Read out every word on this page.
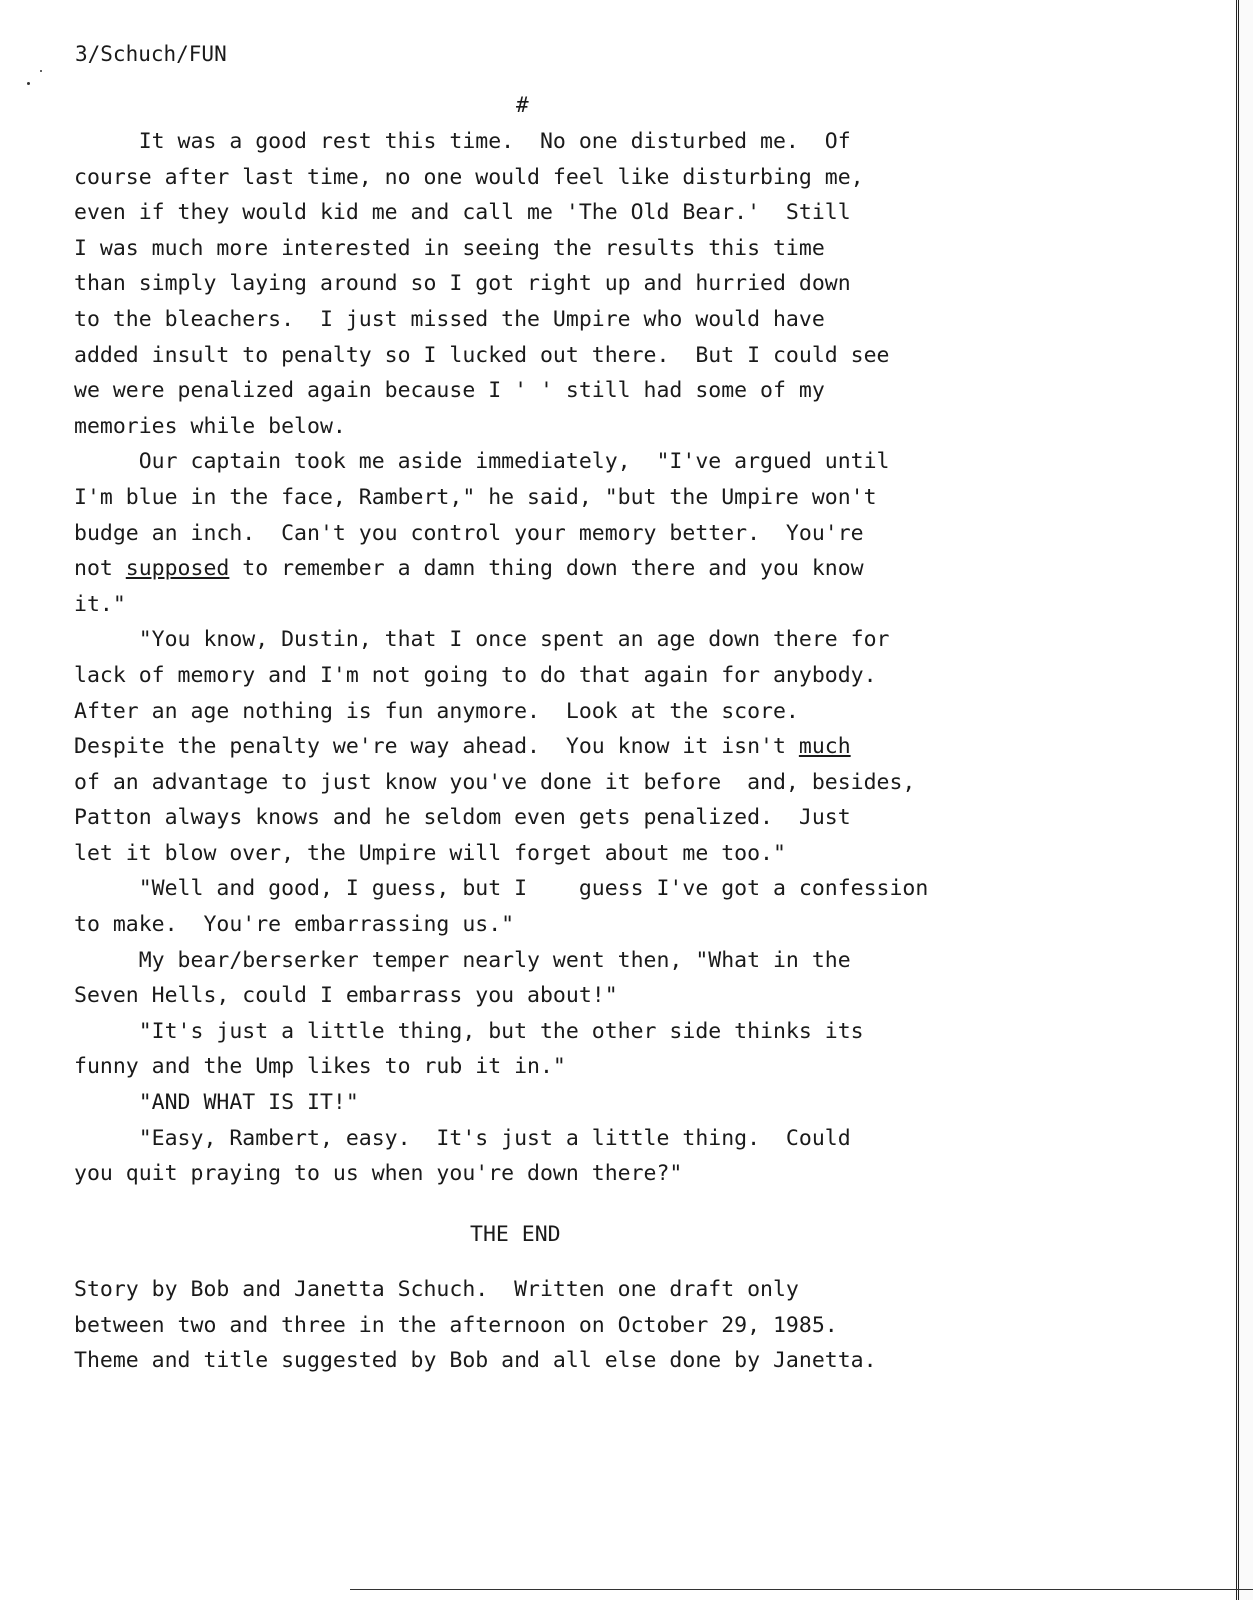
3/Schuch/FUN
#
It was a good rest this time.  No one disturbed me.  Of
course after last time, no one would feel like disturbing me,
even if they would kid me and call me 'The Old Bear.'  Still
I was much more interested in seeing the results this time
than simply laying around so I got right up and hurried down
to the bleachers.  I just missed the Umpire who would have
added insult to penalty so I lucked out there.  But I could see
we were penalized again because I ' ' still had some of my
memories while below.
Our captain took me aside immediately,  "I've argued until
I'm blue in the face, Rambert," he said, "but the Umpire won't
budge an inch.  Can't you control your memory better.  You're
not supposed to remember a damn thing down there and you know
it."
"You know, Dustin, that I once spent an age down there for
lack of memory and I'm not going to do that again for anybody.
After an age nothing is fun anymore.  Look at the score.
Despite the penalty we're way ahead.  You know it isn't much
of an advantage to just know you've done it before  and, besides,
Patton always knows and he seldom even gets penalized.  Just
let it blow over, the Umpire will forget about me too."
"Well and good, I guess, but I    guess I've got a confession
to make.  You're embarrassing us."
My bear/berserker temper nearly went then, "What in the
Seven Hells, could I embarrass you about!"
"It's just a little thing, but the other side thinks its
funny and the Ump likes to rub it in."
"AND WHAT IS IT!"
"Easy, Rambert, easy.  It's just a little thing.  Could
you quit praying to us when you're down there?"
THE END
Story by Bob and Janetta Schuch.  Written one draft only
between two and three in the afternoon on October 29, 1985.
Theme and title suggested by Bob and all else done by Janetta.
